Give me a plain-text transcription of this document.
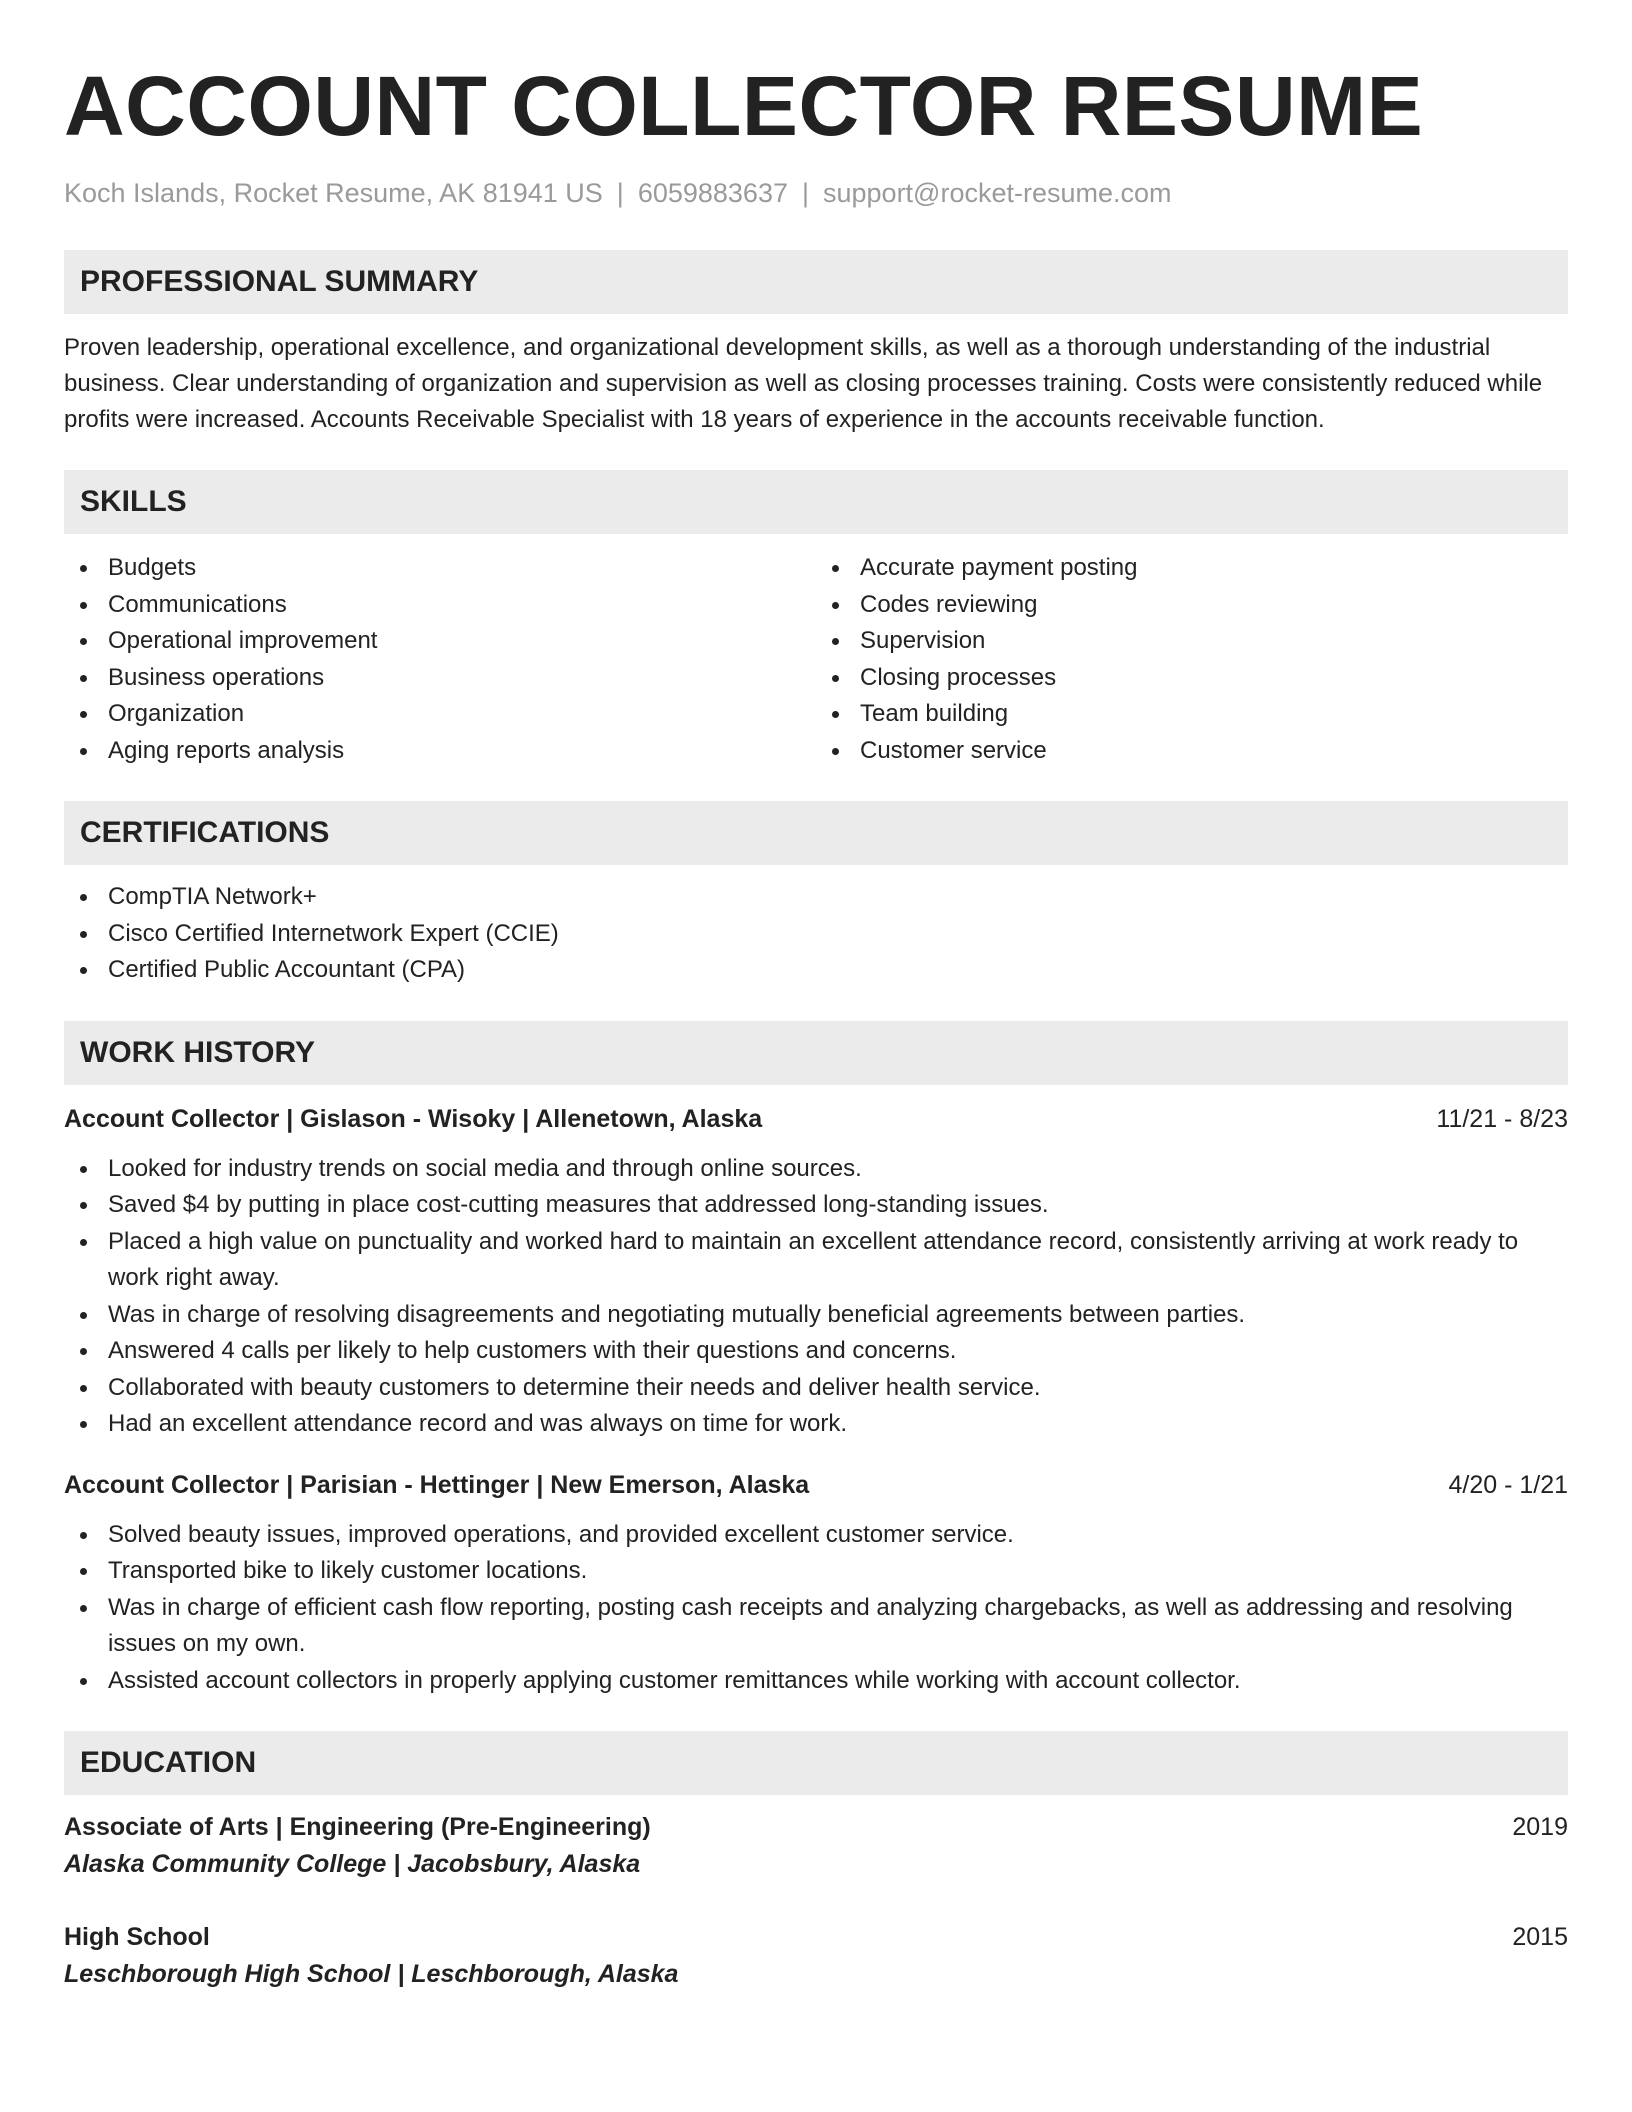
ACCOUNT COLLECTOR RESUME
Koch Islands, Rocket Resume, AK 81941 US | 6059883637 | support@rocket-resume.com
PROFESSIONAL SUMMARY
Proven leadership, operational excellence, and organizational development skills, as well as a thorough understanding of the industrial business. Clear understanding of organization and supervision as well as closing processes training. Costs were consistently reduced while profits were increased. Accounts Receivable Specialist with 18 years of experience in the accounts receivable function.
SKILLS
Budgets
Communications
Operational improvement
Business operations
Organization
Aging reports analysis
Accurate payment posting
Codes reviewing
Supervision
Closing processes
Team building
Customer service
CERTIFICATIONS
CompTIA Network+
Cisco Certified Internetwork Expert (CCIE)
Certified Public Accountant (CPA)
WORK HISTORY
Account Collector | Gislason - Wisoky | Allenetown, Alaska	11/21 - 8/23
Looked for industry trends on social media and through online sources.
Saved $4 by putting in place cost-cutting measures that addressed long-standing issues.
Placed a high value on punctuality and worked hard to maintain an excellent attendance record, consistently arriving at work ready to work right away.
Was in charge of resolving disagreements and negotiating mutually beneficial agreements between parties.
Answered 4 calls per likely to help customers with their questions and concerns.
Collaborated with beauty customers to determine their needs and deliver health service.
Had an excellent attendance record and was always on time for work.
Account Collector | Parisian - Hettinger | New Emerson, Alaska	4/20 - 1/21
Solved beauty issues, improved operations, and provided excellent customer service.
Transported bike to likely customer locations.
Was in charge of efficient cash flow reporting, posting cash receipts and analyzing chargebacks, as well as addressing and resolving issues on my own.
Assisted account collectors in properly applying customer remittances while working with account collector.
EDUCATION
Associate of Arts | Engineering (Pre-Engineering)	2019
Alaska Community College | Jacobsbury, Alaska
High School	2015
Leschborough High School | Leschborough, Alaska
